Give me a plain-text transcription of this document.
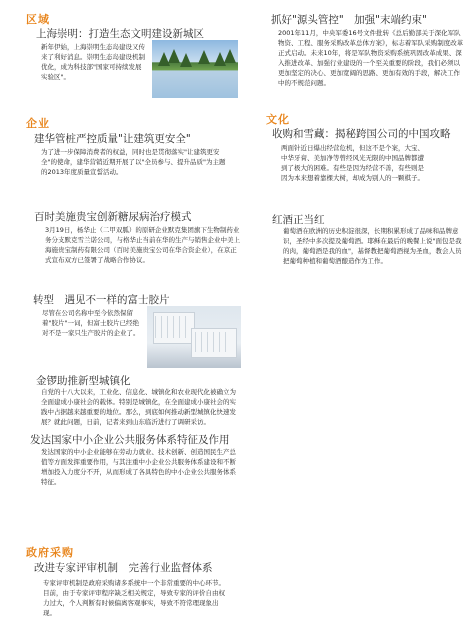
区域
上海崇明：打造生态文明建设新城区
新年伊始，上海崇明生态岛建设又传来了利好消息。崇明生态岛建设机制优化，成为科技部"国家可持续发展实验区"。
企业
建华管桩严控质量"让建筑更安全"
为了进一步保障消费者的权益，同时也是贯彻落实"让建筑更安全"的使命，建华营销近期开展了以"全员参与、提升品质"为主题的2013年度质量宣誓活动。
百时美施贵宝创新糖尿病治疗模式
3月19日，杨华止（二甲双胍）的原研企业默克集团旗下生物制药业务分支默克雪兰诺公司，与格华止当前在华的生产与销售企业中美上海施贵宝制药有限公司（百时美施贵宝公司在华合资企业），在京正式宣布双方已签署了战略合作协议。
转型　遇见不一样的富士胶片
尽管在公司名称中至今依然保留着"胶片"一词，但富士胶片已经绝对不是一家只生产胶片的企业了。
金锣助推新型城镇化
自党的十八大以来，工业化、信息化、城镇化和农业现代化被确立为全面建成小康社会的载体。特别是城镇化，在全面建成小康社会的实践中占据越来越重要的地位。那么，到底如何推动新型城镇化快速发展？就此问题，日前，记者来到山东临沂进行了调研采访。
发达国家中小企业公共服务体系特征及作用
发达国家的中小企业能够在劳动力就业、技术创新、创造国民生产总值等方面发挥重要作用，与其注重中小企业公共服务体系建设和不断增加投入力度分不开，从而形成了各具特色的中小企业公共服务体系特征。
政府采购
改进专家评审机制　完善行业监督体系
专家评审机制是政府采购诸多系统中一个非常重要的中心环节。目前，由于专家评审程序缺乏相关规定，导致专家的评价自由权力过大，个人判断有时候偏离客观事实，导致不符常理现象出现。
抓好"源头管控"　加强"末端约束"
2001年11月，中央军委16号文件批转《总后勤部关于深化军队物资、工程、服务采购改革总体方案》，标志着军队采购制度改革正式启动。未来10年，将是军队物资采购系统巩固改革成果、深入推进改革、加强行业建设的一个至关重要的阶段，我们必须以更加坚定的决心、更加宽阔的思路、更加有效的手段，解决工作中的不规范问题。
文化
收购和雪藏：揭秘跨国公司的中国攻略
两面针近日爆出经营危机，但这不是个案，大宝、中华牙膏、美加净等曾经风光无限的中国品牌都遭到了极大的困难。有些是因为经营不善，有些则是因为本来想着靠棵大树，却成为别人的一颗棋子。
红酒正当红
葡萄酒在欧洲的历史积淀很深，长期积累形成了品味和品牌意识，圣经中多次提及葡萄酒。耶稣在最后的晚餐上说"面包是我的肉，葡萄酒是我的血"，基督教把葡萄酒视为圣血，教会人员把葡萄种植和葡萄酒酿造作为工作。
